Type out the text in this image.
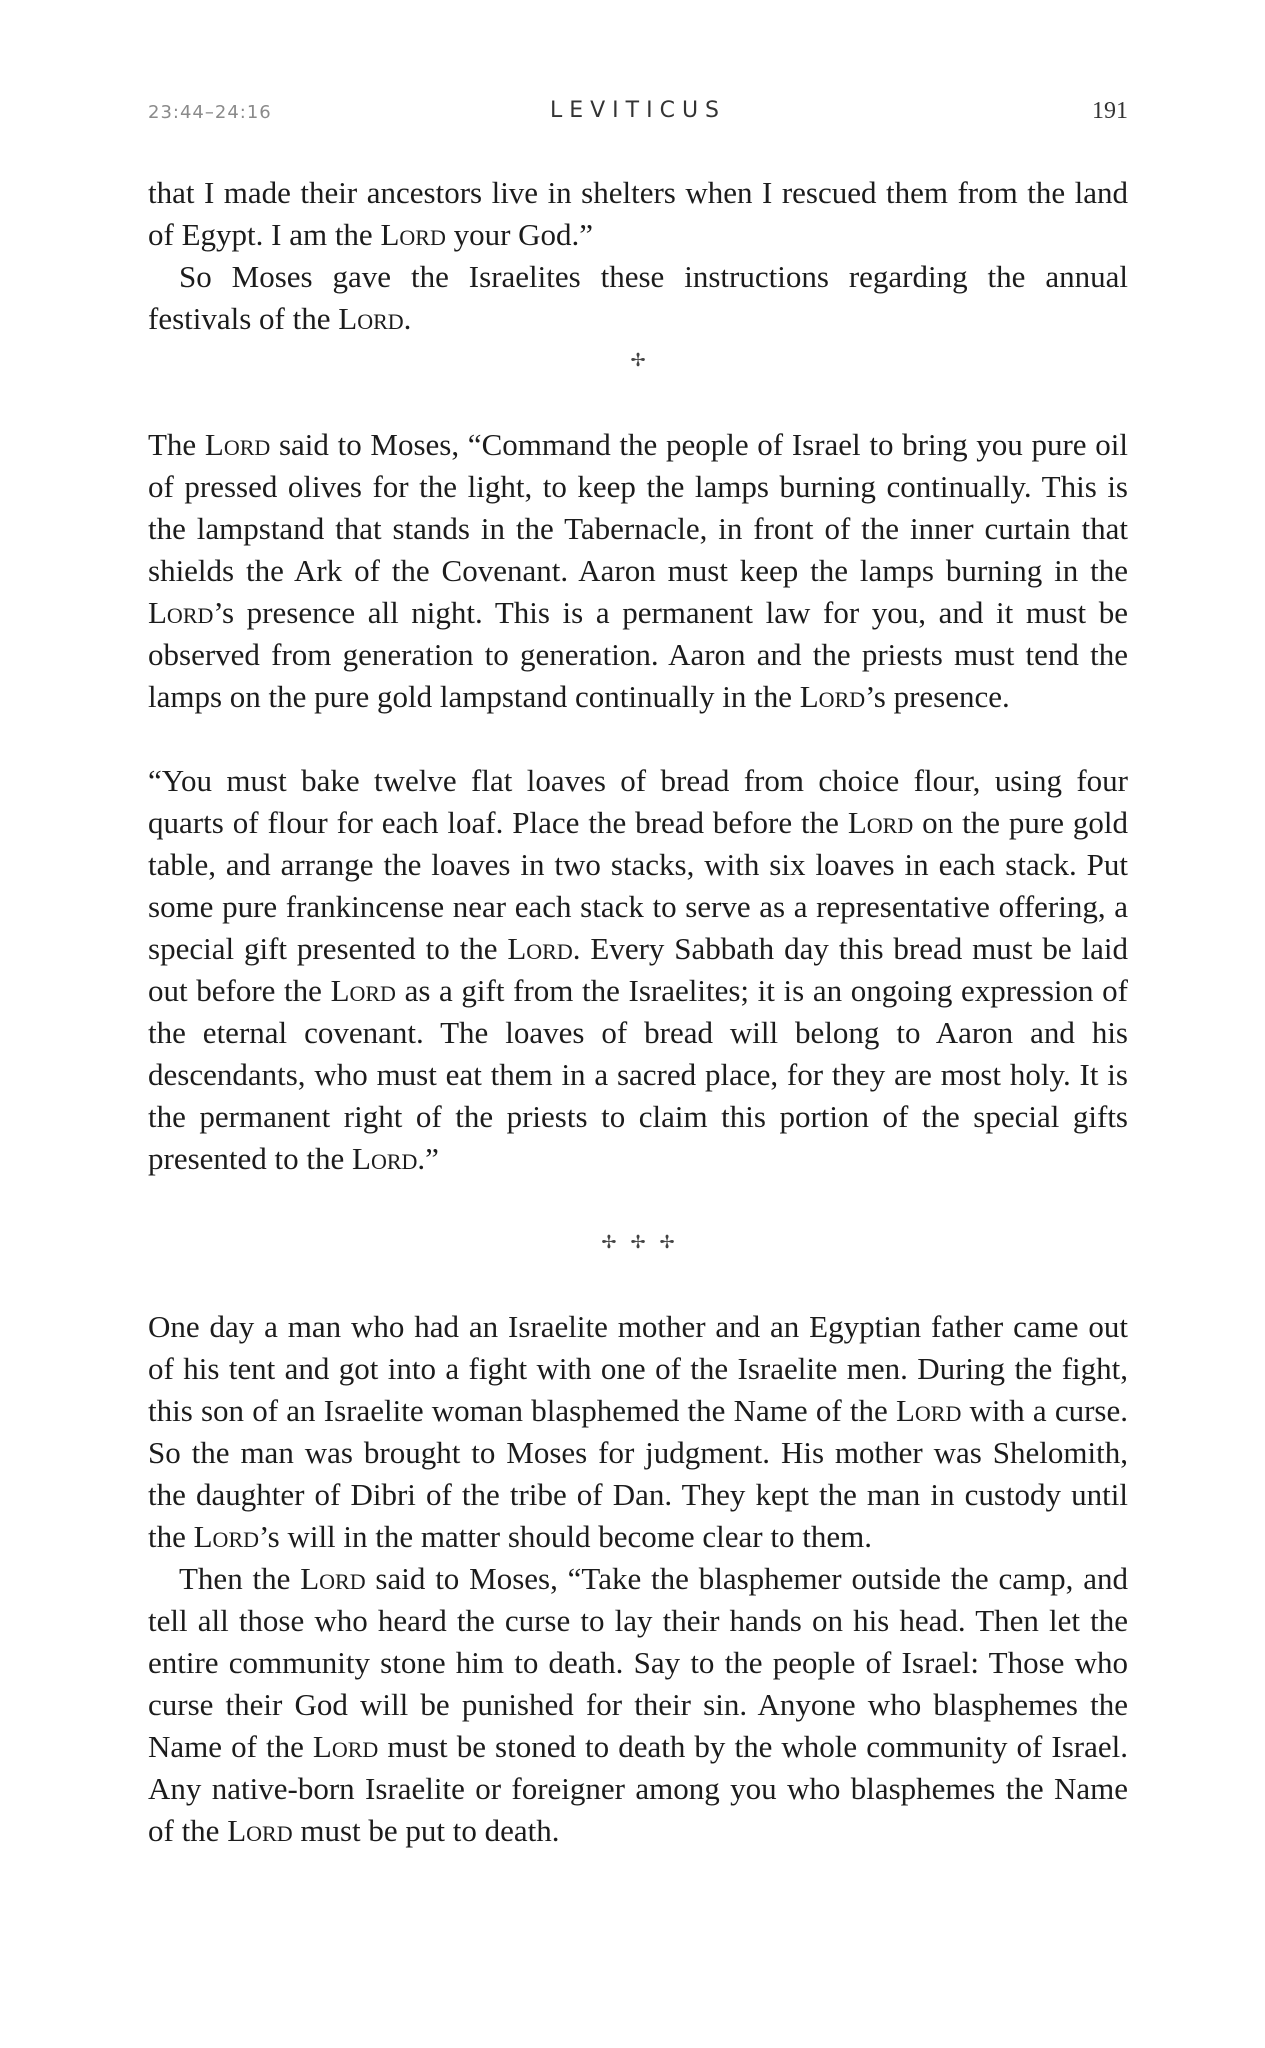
23:44–24:16	LEVITICUS	191

that I made their ancestors live in shelters when I rescued them from the land of Egypt. I am the Lord your God.”

So Moses gave the Israelites these instructions regarding the annual festivals of the Lord.

✢

The Lord said to Moses, “Command the people of Israel to bring you pure oil of pressed olives for the light, to keep the lamps burning continually. This is the lampstand that stands in the Tabernacle, in front of the inner curtain that shields the Ark of the Covenant. Aaron must keep the lamps burning in the Lord’s presence all night. This is a permanent law for you, and it must be observed from generation to generation. Aaron and the priests must tend the lamps on the pure gold lampstand continually in the Lord’s presence.

“You must bake twelve flat loaves of bread from choice flour, using four quarts of flour for each loaf. Place the bread before the Lord on the pure gold table, and arrange the loaves in two stacks, with six loaves in each stack. Put some pure frankincense near each stack to serve as a representative offering, a special gift presented to the Lord. Every Sabbath day this bread must be laid out before the Lord as a gift from the Israelites; it is an ongoing expression of the eternal covenant. The loaves of bread will belong to Aaron and his descendants, who must eat them in a sacred place, for they are most holy. It is the permanent right of the priests to claim this portion of the special gifts presented to the Lord.”

✢✢✢

One day a man who had an Israelite mother and an Egyptian father came out of his tent and got into a fight with one of the Israelite men. During the fight, this son of an Israelite woman blasphemed the Name of the Lord with a curse. So the man was brought to Moses for judgment. His mother was Shelomith, the daughter of Dibri of the tribe of Dan. They kept the man in custody until the Lord’s will in the matter should become clear to them.

Then the Lord said to Moses, “Take the blasphemer outside the camp, and tell all those who heard the curse to lay their hands on his head. Then let the entire community stone him to death. Say to the people of Israel: Those who curse their God will be punished for their sin. Anyone who blasphemes the Name of the Lord must be stoned to death by the whole community of Israel. Any native-born Israelite or foreigner among you who blasphemes the Name of the Lord must be put to death.
